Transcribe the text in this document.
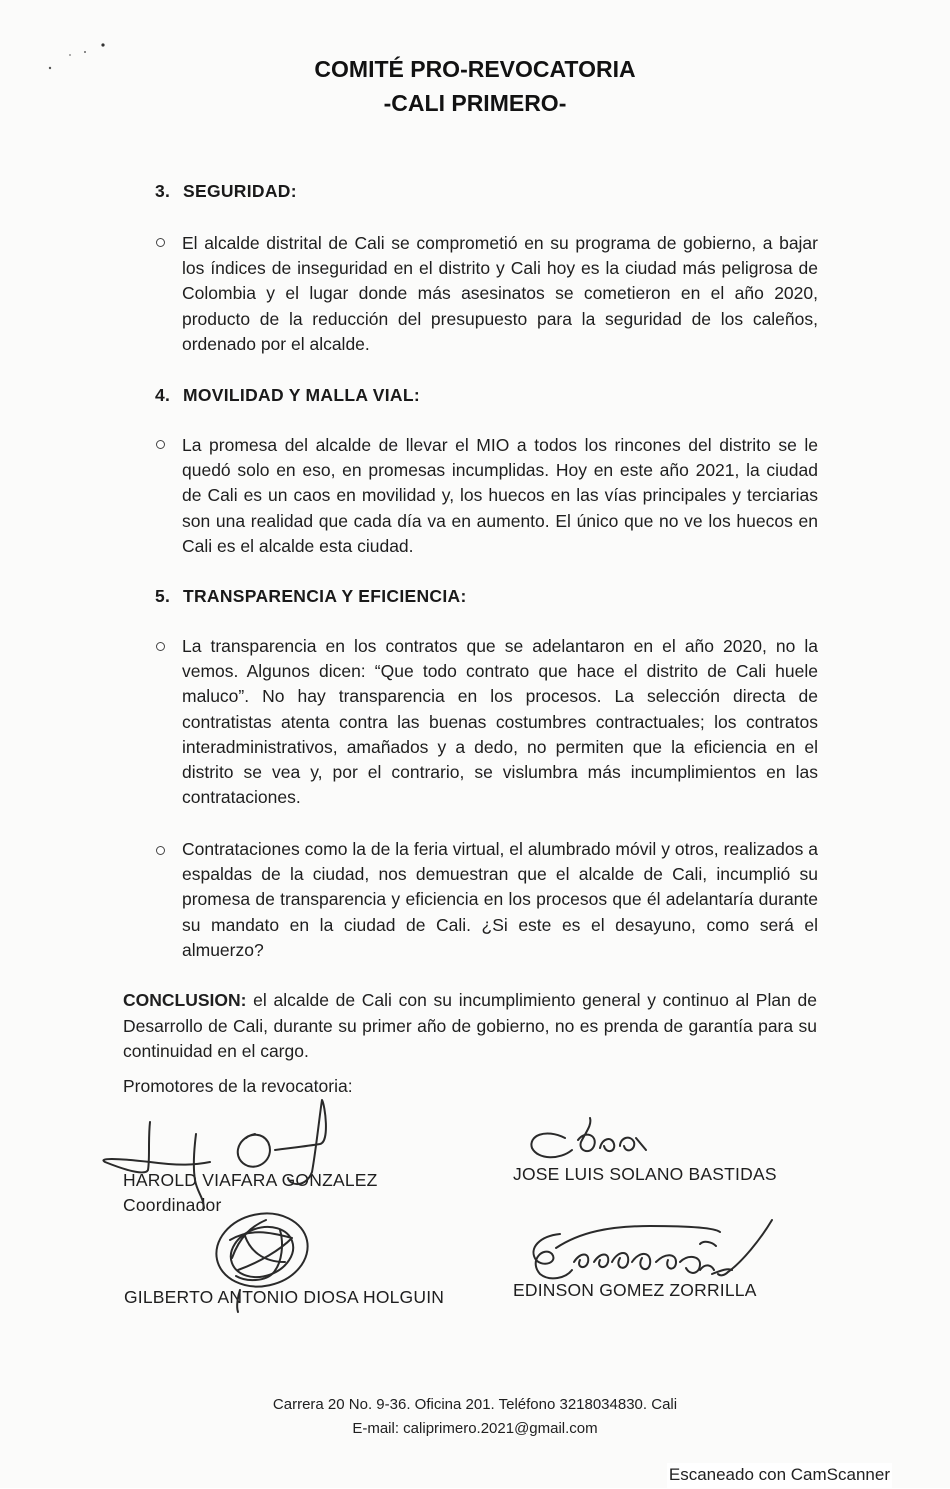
COMITÉ PRO-REVOCATORIA
-CALI PRIMERO-
3. SEGURIDAD:
El alcalde distrital de Cali se comprometió en su programa de gobierno, a bajar los índices de inseguridad en el distrito y Cali hoy es la ciudad más peligrosa de Colombia y el lugar donde más asesinatos se cometieron en el año 2020, producto de la reducción del presupuesto para la seguridad de los caleños, ordenado por el alcalde.
4. MOVILIDAD Y MALLA VIAL:
La promesa del alcalde de llevar el MIO a todos los rincones del distrito se le quedó solo en eso, en promesas incumplidas. Hoy en este año 2021, la ciudad de Cali es un caos en movilidad y, los huecos en las vías principales y terciarias son una realidad que cada día va en aumento. El único que no ve los huecos en Cali es el alcalde esta ciudad.
5. TRANSPARENCIA Y EFICIENCIA:
La transparencia en los contratos que se adelantaron en el año 2020, no la vemos. Algunos dicen: “Que todo contrato que hace el distrito de Cali huele maluco”. No hay transparencia en los procesos. La selección directa de contratistas atenta contra las buenas costumbres contractuales; los contratos interadministrativos, amañados y a dedo, no permiten que la eficiencia en el distrito se vea y, por el contrario, se vislumbra más incumplimientos en las contrataciones.
Contrataciones como la de la feria virtual, el alumbrado móvil y otros, realizados a espaldas de la ciudad, nos demuestran que el alcalde de Cali, incumplió su promesa de transparencia y eficiencia en los procesos que él adelantaría durante su mandato en la ciudad de Cali. ¿Si este es el desayuno, como será el almuerzo?
CONCLUSION: el alcalde de Cali con su incumplimiento general y continuo al Plan de Desarrollo de Cali, durante su primer año de gobierno, no es prenda de garantía para su continuidad en el cargo.
Promotores de la revocatoria:
HAROLD VIAFARA GONZALEZ
Coordinador
JOSE LUIS SOLANO BASTIDAS
GILBERTO ANTONIO DIOSA HOLGUIN	EDINSON GOMEZ ZORRILLA
Carrera 20 No. 9-36. Oficina 201. Teléfono 3218034830. Cali
E-mail: caliprimero.2021@gmail.com
Escaneado con CamScanner
